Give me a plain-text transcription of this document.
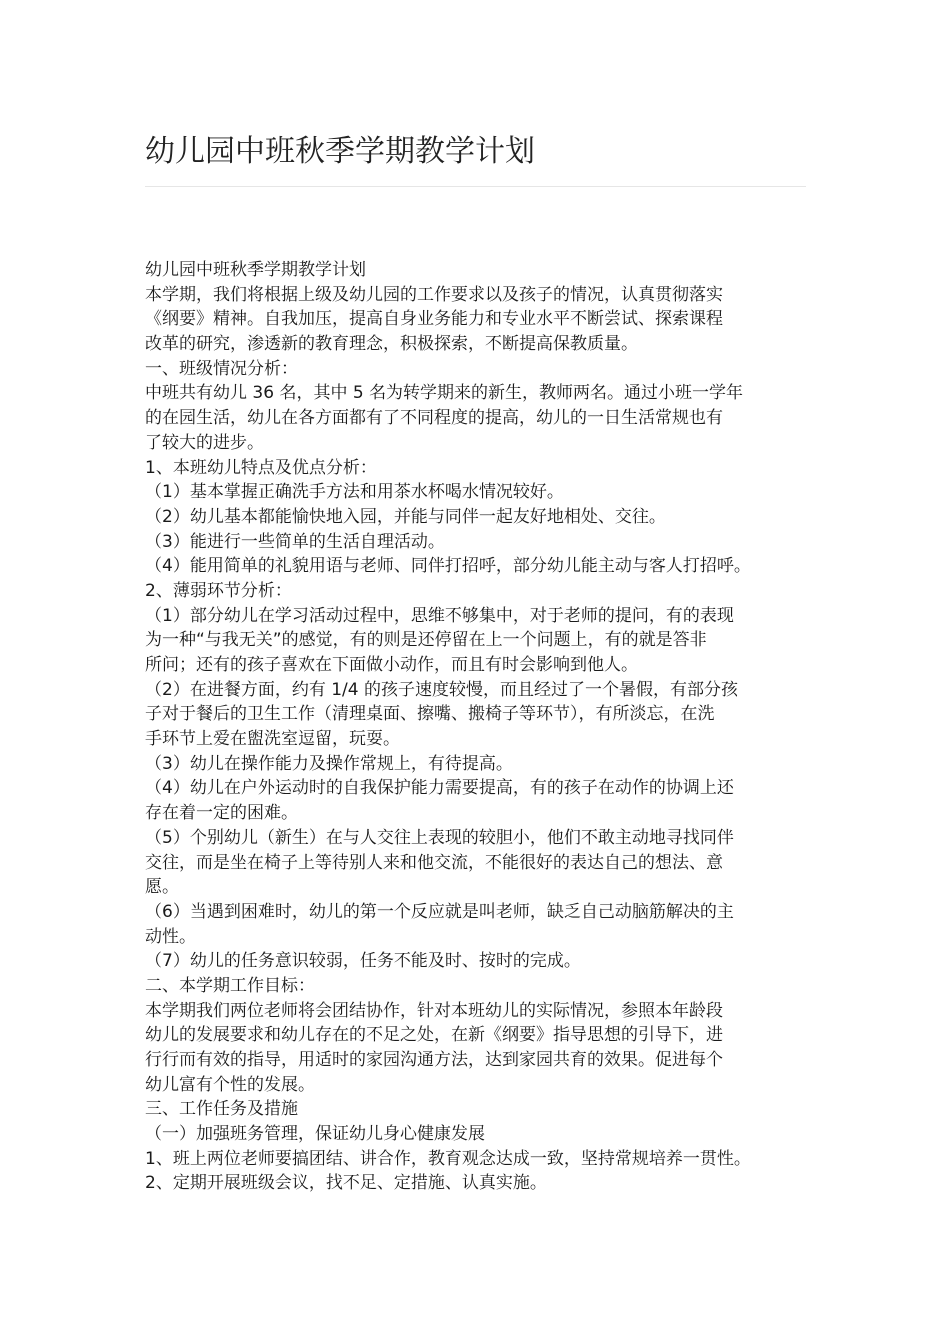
幼儿园中班秋季学期教学计划
幼儿园中班秋季学期教学计划
本学期，我们将根据上级及幼儿园的工作要求以及孩子的情况，认真贯彻落实
《纲要》精神。自我加压，提高自身业务能力和专业水平不断尝试、探索课程
改革的研究，渗透新的教育理念，积极探索，不断提高保教质量。
一、班级情况分析：
中班共有幼儿 36 名，其中 5 名为转学期来的新生，教师两名。通过小班一学年
的在园生活，幼儿在各方面都有了不同程度的提高，幼儿的一日生活常规也有
了较大的进步。
1、本班幼儿特点及优点分析：
（1）基本掌握正确洗手方法和用茶水杯喝水情况较好。
（2）幼儿基本都能愉快地入园，并能与同伴一起友好地相处、交往。
（3）能进行一些简单的生活自理活动。
（4）能用简单的礼貌用语与老师、同伴打招呼，部分幼儿能主动与客人打招呼。
2、薄弱环节分析：
（1）部分幼儿在学习活动过程中，思维不够集中，对于老师的提问，有的表现
为一种“与我无关”的感觉，有的则是还停留在上一个问题上，有的就是答非
所问；还有的孩子喜欢在下面做小动作，而且有时会影响到他人。
（2）在进餐方面，约有 1/4 的孩子速度较慢，而且经过了一个暑假，有部分孩
子对于餐后的卫生工作（清理桌面、擦嘴、搬椅子等环节），有所淡忘，在洗
手环节上爱在盥洗室逗留，玩耍。
（3）幼儿在操作能力及操作常规上，有待提高。
（4）幼儿在户外运动时的自我保护能力需要提高，有的孩子在动作的协调上还
存在着一定的困难。
（5）个别幼儿（新生）在与人交往上表现的较胆小，他们不敢主动地寻找同伴
交往，而是坐在椅子上等待别人来和他交流，不能很好的表达自己的想法、意
愿。
（6）当遇到困难时，幼儿的第一个反应就是叫老师，缺乏自己动脑筋解决的主
动性。
（7）幼儿的任务意识较弱，任务不能及时、按时的完成。
二、本学期工作目标：
本学期我们两位老师将会团结协作，针对本班幼儿的实际情况，参照本年龄段
幼儿的发展要求和幼儿存在的不足之处，在新《纲要》指导思想的引导下，进
行行而有效的指导，用适时的家园沟通方法，达到家园共育的效果。促进每个
幼儿富有个性的发展。
三、工作任务及措施
（一）加强班务管理，保证幼儿身心健康发展
1、班上两位老师要搞团结、讲合作，教育观念达成一致，坚持常规培养一贯性。
2、定期开展班级会议，找不足、定措施、认真实施。
